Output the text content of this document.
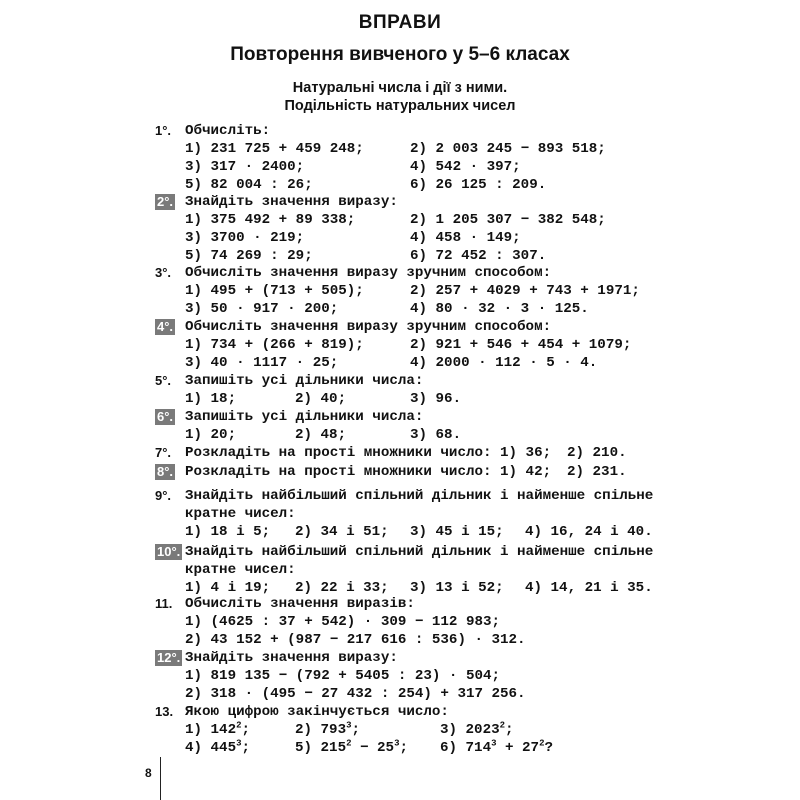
ВПРАВИ
Повторення вивченого у 5–6 класах
Натуральні числа і дії з ними.
Подільність натуральних чисел
1°. Обчисліть:
1) 231 725 + 459 248;	2) 2 003 245 − 893 518;
3) 317 · 2400;	4) 542 · 397;
5) 82 004 : 26;	6) 26 125 : 209.
2°. Знайдіть значення виразу:
1) 375 492 + 89 338;	2) 1 205 307 − 382 548;
3) 3700 · 219;	4) 458 · 149;
5) 74 269 : 29;	6) 72 452 : 307.
3°. Обчисліть значення виразу зручним способом:
1) 495 + (713 + 505);	2) 257 + 4029 + 743 + 1971;
3) 50 · 917 · 200;	4) 80 · 32 · 3 · 125.
4°. Обчисліть значення виразу зручним способом:
1) 734 + (266 + 819);	2) 921 + 546 + 454 + 1079;
3) 40 · 1117 · 25;	4) 2000 · 112 · 5 · 4.
5°. Запишіть усі дільники числа:
1) 18;	2) 40;	3) 96.
6°. Запишіть усі дільники числа:
1) 20;	2) 48;	3) 68.
7°. Розкладіть на прості множники число: 1) 36; 2) 210.
8°. Розкладіть на прості множники число: 1) 42; 2) 231.
9°. Знайдіть найбільший спільний дільник і найменше спільне
кратне чисел:
1) 18 і 5; 2) 34 і 51; 3) 45 і 15; 4) 16, 24 і 40.
10°. Знайдіть найбільший спільний дільник і найменше спільне
кратне чисел:
1) 4 і 19; 2) 22 і 33; 3) 13 і 52; 4) 14, 21 і 35.
11. Обчисліть значення виразів:
1) (4625 : 37 + 542) · 309 − 112 983;
2) 43 152 + (987 − 217 616 : 536) · 312.
12°. Знайдіть значення виразу:
1) 819 135 − (792 + 5405 : 23) · 504;
2) 318 · (495 − 27 432 : 254) + 317 256.
13. Якою цифрою закінчується число:
1) $142^2$;	2) $793^3$;	3) 2023$^2$;
4) $445^3$;	5) $215^2 - 25^3$; 6) $714^3 + 27^2$?
8
